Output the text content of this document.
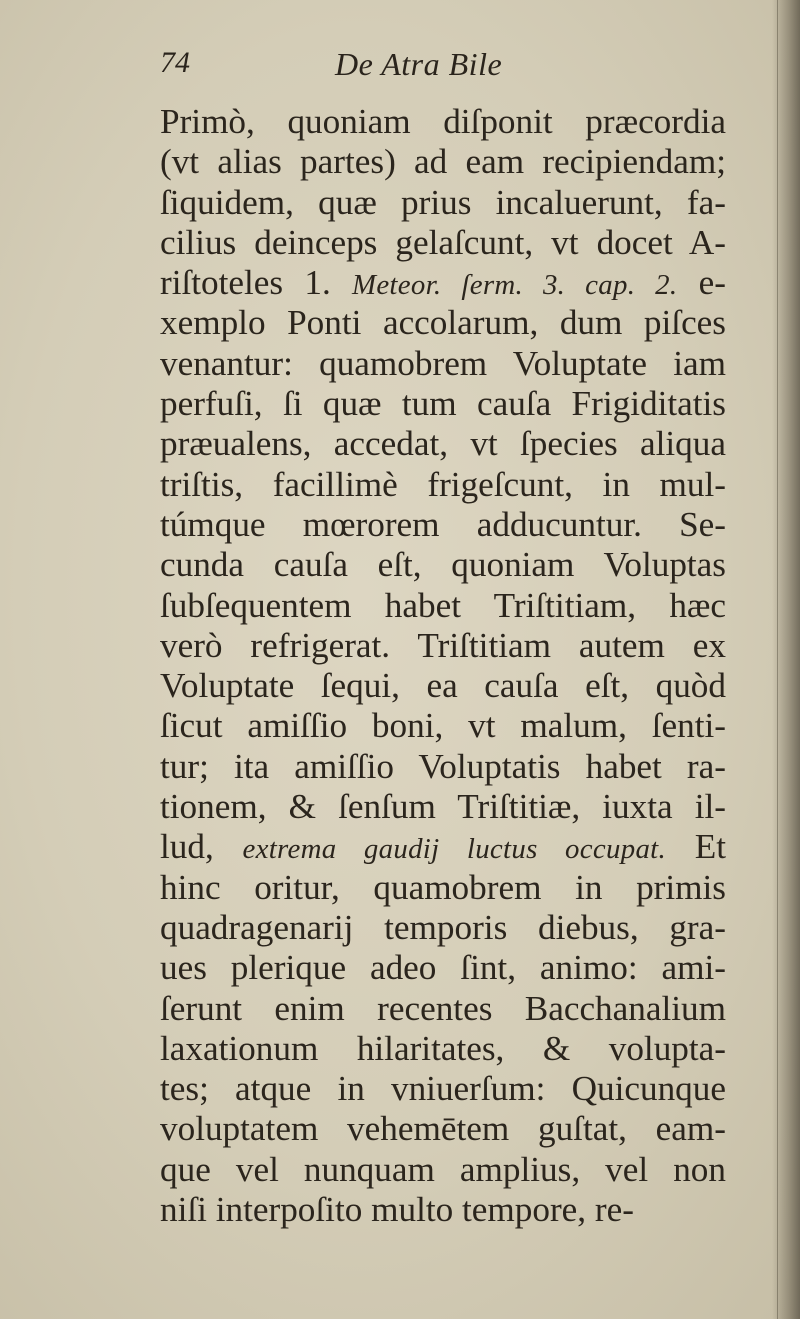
74	De Atra Bile
Primò, quoniam diſponit præcordia
(vt alias partes) ad eam recipiendam;
ſiquidem, quæ prius incaluerunt, fa-
cilius deinceps gelaſcunt, vt docet A-
riſtoteles 1. Meteor. ſerm. 3. cap. 2. e-
xemplo Ponti accolarum, dum piſces
venantur: quamobrem Voluptate iam
perfuſi, ſi quæ tum cauſa Frigiditatis
præualens, accedat, vt ſpecies aliqua
triſtis, facillimè frigeſcunt, in mul-
túmque mœrorem adducuntur. Se-
cunda cauſa eſt, quoniam Voluptas
ſubſequentem habet Triſtitiam, hæc
verò refrigerat. Triſtitiam autem ex
Voluptate ſequi, ea cauſa eſt, quòd
ſicut amiſſio boni, vt malum, ſenti-
tur; ita amiſſio Voluptatis habet ra-
tionem, & ſenſum Triſtitiæ, iuxta il-
lud, extrema gaudij luctus occupat. Et
hinc oritur, quamobrem in primis
quadragenarij temporis diebus, gra-
ues plerique adeo ſint, animo: ami-
ſerunt enim recentes Bacchanalium
laxationum hilaritates, & volupta-
tes; atque in vniuerſum: Quicunque
voluptatem vehemētem guſtat, eam-
que vel nunquam amplius, vel non
niſi interpoſito multo tempore, re-
